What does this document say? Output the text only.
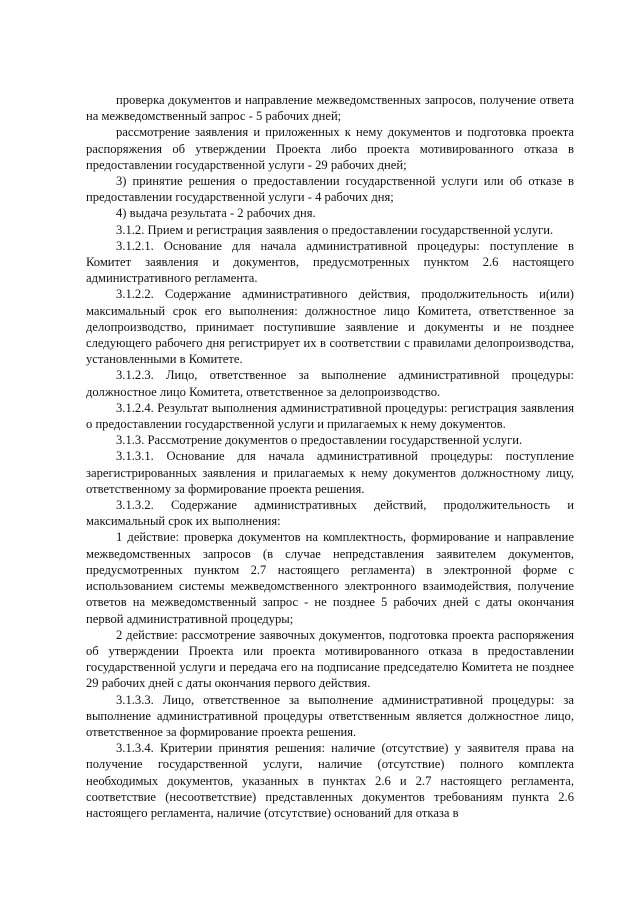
проверка документов и направление межведомственных запросов, получение ответа на межведомственный запрос - 5 рабочих дней;

рассмотрение заявления и приложенных к нему документов и подготовка проекта распоряжения об утверждении Проекта либо проекта мотивированного отказа в предоставлении государственной услуги - 29 рабочих дней;

3) принятие решения о предоставлении государственной услуги или об отказе в предоставлении государственной услуги - 4 рабочих дня;

4) выдача результата - 2 рабочих дня.

3.1.2. Прием и регистрация заявления о предоставлении государственной услуги.

3.1.2.1. Основание для начала административной процедуры: поступление в Комитет заявления и документов, предусмотренных пунктом 2.6 настоящего административного регламента.

3.1.2.2. Содержание административного действия, продолжительность и(или) максимальный срок его выполнения: должностное лицо Комитета, ответственное за делопроизводство, принимает поступившие заявление и документы и не позднее следующего рабочего дня регистрирует их в соответствии с правилами делопроизводства, установленными в Комитете.

3.1.2.3. Лицо, ответственное за выполнение административной процедуры: должностное лицо Комитета, ответственное за делопроизводство.

3.1.2.4. Результат выполнения административной процедуры: регистрация заявления о предоставлении государственной услуги и прилагаемых к нему документов.

3.1.3. Рассмотрение документов о предоставлении государственной услуги.

3.1.3.1. Основание для начала административной процедуры: поступление зарегистрированных заявления и прилагаемых к нему документов должностному лицу, ответственному за формирование проекта решения.

3.1.3.2. Содержание административных действий, продолжительность и максимальный срок их выполнения:

1 действие: проверка документов на комплектность, формирование и направление межведомственных запросов (в случае непредставления заявителем документов, предусмотренных пунктом 2.7 настоящего регламента) в электронной форме с использованием системы межведомственного электронного взаимодействия, получение ответов на межведомственный запрос - не позднее 5 рабочих дней с даты окончания первой административной процедуры;

2 действие: рассмотрение заявочных документов, подготовка проекта распоряжения об утверждении Проекта или проекта мотивированного отказа в предоставлении государственной услуги и передача его на подписание председателю Комитета не позднее 29 рабочих дней с даты окончания первого действия.

3.1.3.3. Лицо, ответственное за выполнение административной процедуры: за выполнение административной процедуры ответственным является должностное лицо, ответственное за формирование проекта решения.

3.1.3.4. Критерии принятия решения: наличие (отсутствие) у заявителя права на получение государственной услуги, наличие (отсутствие) полного комплекта необходимых документов, указанных в пунктах 2.6 и 2.7 настоящего регламента, соответствие (несоответствие) представленных документов требованиям пункта 2.6 настоящего регламента, наличие (отсутствие) оснований для отказа в
